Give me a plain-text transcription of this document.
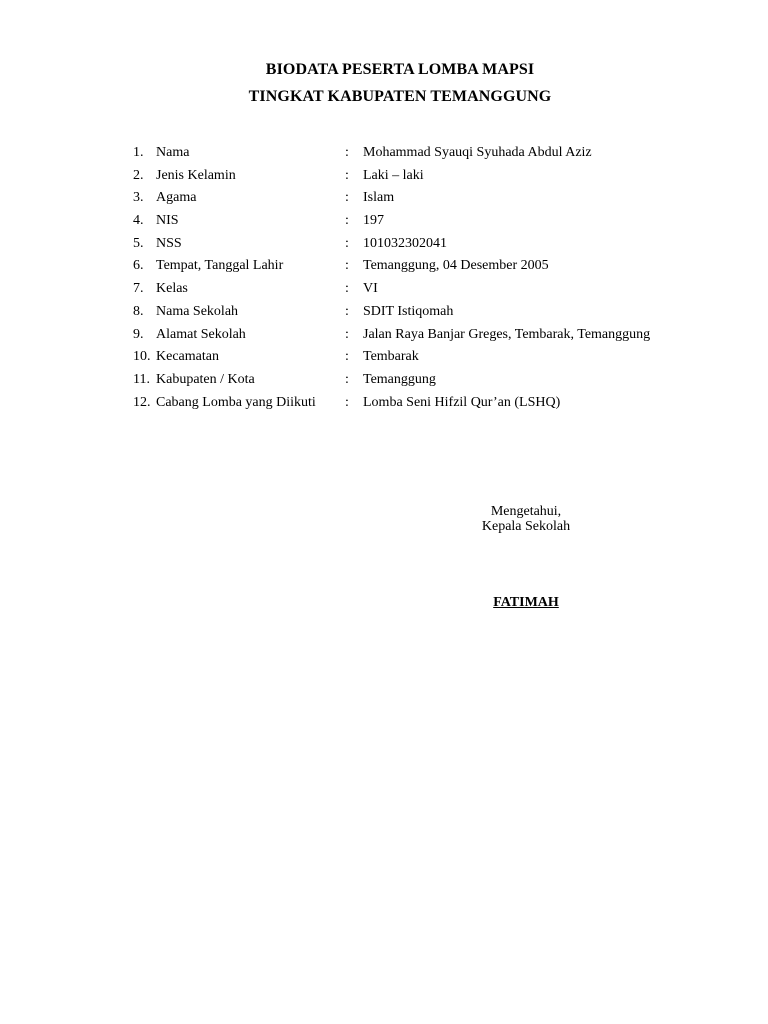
BIODATA PESERTA LOMBA MAPSI
TINGKAT KABUPATEN TEMANGGUNG
1. Nama	: Mohammad Syauqi Syuhada Abdul Aziz
2. Jenis Kelamin	: Laki – laki
3. Agama	: Islam
4. NIS	: 197
5. NSS	: 101032302041
6. Tempat, Tanggal Lahir	: Temanggung, 04 Desember 2005
7. Kelas	: VI
8. Nama Sekolah	: SDIT Istiqomah
9. Alamat Sekolah	: Jalan Raya Banjar Greges, Tembarak, Temanggung
10. Kecamatan	: Tembarak
11. Kabupaten / Kota	: Temanggung
12. Cabang Lomba yang Diikuti : Lomba Seni Hifzil Qur’an (LSHQ)
Mengetahui,
Kepala Sekolah
FATIMAH
